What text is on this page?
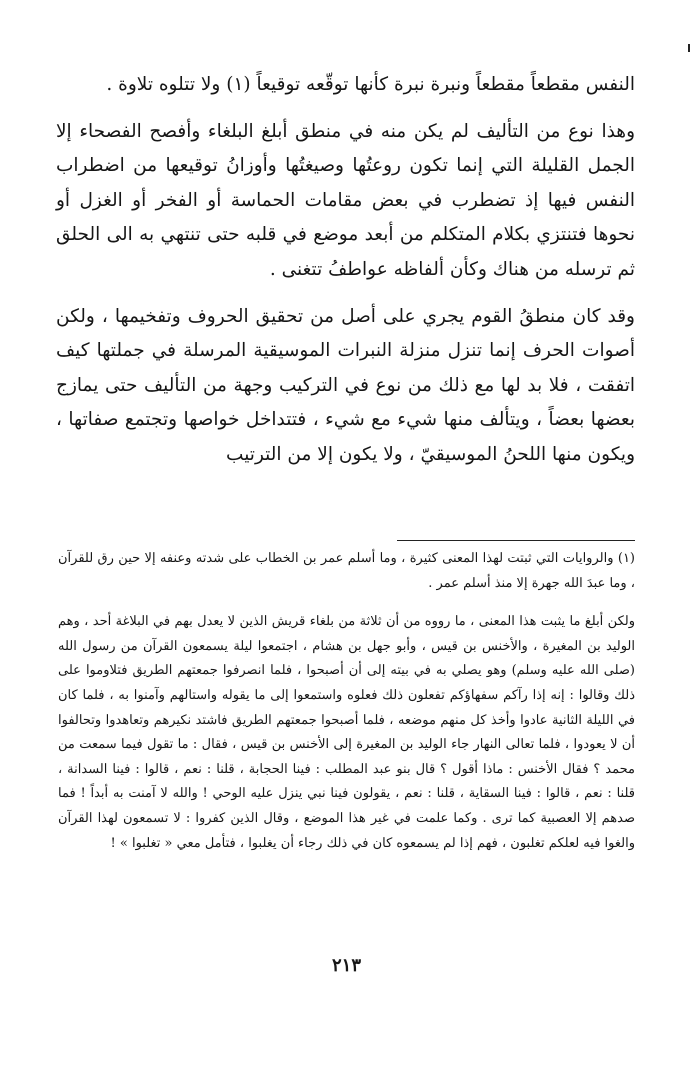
النفس مقطعاً مقطعاً ونبرة نبرة كأنها توقّعه توقيعاً (١) ولا تتلوه تلاوة .

وهذا نوع من التأليف لم يكن منه في منطق أبلغ البلغاء وأفصح الفصحاء إلا الجمل القليلة التي إنما تكون روعتُها وصيغتُها وأوزانُ توقيعها من اضطراب النفس فيها إذ تضطرب في بعض مقامات الحماسة أو الفخر أو الغزل أو نحوها فتنتزي بكلام المتكلم من أبعد موضع في قلبه حتى تنتهي به الى الحلق ثم ترسله من هناك وكأن ألفاظه عواطفُ تتغنى .

وقد كان منطقُ القوم يجري على أصل من تحقيق الحروف وتفخيمها ، ولكن أصوات الحرف إنما تنزل منزلة النبرات الموسيقية المرسلة في جملتها كيف اتفقت ، فلا بد لها مع ذلك من نوع في التركيب وجهة من التأليف حتى يمازج بعضها بعضاً ، ويتألف منها شيء مع شيء ، فتتداخل خواصها وتجتمع صفاتها ، ويكون منها اللحنُ الموسيقيّ ، ولا يكون إلا من الترتيب

(١) والروايات التي ثبتت لهذا المعنى كثيرة ، وما أسلم عمر بن الخطاب على شدته وعنفه إلا حين رق للقرآن ، وما عبدَ الله جهرة إلا منذ أسلم عمر .

ولكن أبلغ ما يثبت هذا المعنى ، ما رووه من أن ثلاثة من بلغاء قريش الذين لا يعدل بهم في البلاغة أحد ، وهم الوليد بن المغيرة ، والأخنس بن قيس ، وأبو جهل بن هشام ، اجتمعوا ليلة يسمعون القرآن من رسول الله (صلى الله عليه وسلم) وهو يصلي به في بيته إلى أن أصبحوا ، فلما انصرفوا جمعتهم الطريق فتلاوموا على ذلك وقالوا : إنه إذا رآكم سفهاؤكم تفعلون ذلك فعلوه واستمعوا إلى ما يقوله واستالهم وآمنوا به ، فلما كان في الليلة الثانية عادوا وأخذ كل منهم موضعه ، فلما أصبحوا جمعتهم الطريق فاشتد نكيرهم وتعاهدوا وتحالفوا أن لا يعودوا ، فلما تعالى النهار جاء الوليد بن المغيرة إلى الأخنس بن قيس ، فقال : ما تقول فيما سمعت من محمد ؟ فقال الأخنس : ماذا أقول ؟ قال بنو عبد المطلب : فينا الحجابة ، قلنا : نعم ، قالوا : فينا السدانة ، قلنا : نعم ، قالوا : فينا السقاية ، قلنا : نعم ، يقولون فينا نبي ينزل عليه الوحي ! والله لا آمنت به أبداً ! فما صدهم إلا العصبية كما ترى . وكما علمت في غير هذا الموضع ، وقال الذين كفروا : لا تسمعون لهذا القرآن والغوا فيه لعلكم تغلبون ، فهم إذا لم يسمعوه كان في ذلك رجاء أن يغلبوا ، فتأمل معي « تغلبوا » !

٢١٣
